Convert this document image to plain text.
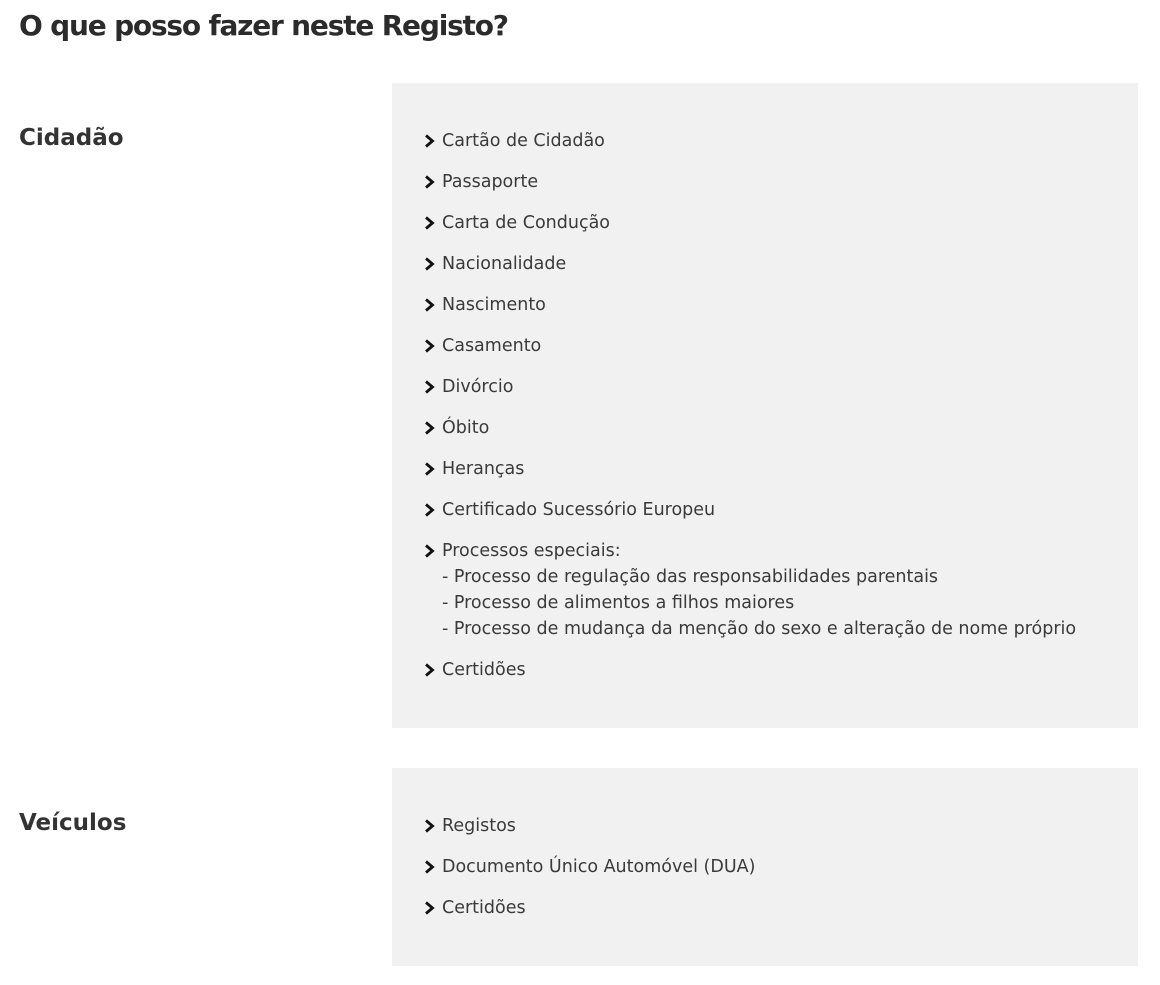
O que posso fazer neste Registo?
Cidadão	Cartão de Cidadão
Passaporte
Carta de Condução
Nacionalidade
Nascimento
Casamento
Divórcio
Óbito
Heranças
Certificado Sucessório Europeu
Processos especiais:
- Processo de regulação das responsabilidades parentais
- Processo de alimentos a filhos maiores
- Processo de mudança da menção do sexo e alteração de nome próprio
Certidões
Veículos	Registos
Documento Único Automóvel (DUA)
Certidões
